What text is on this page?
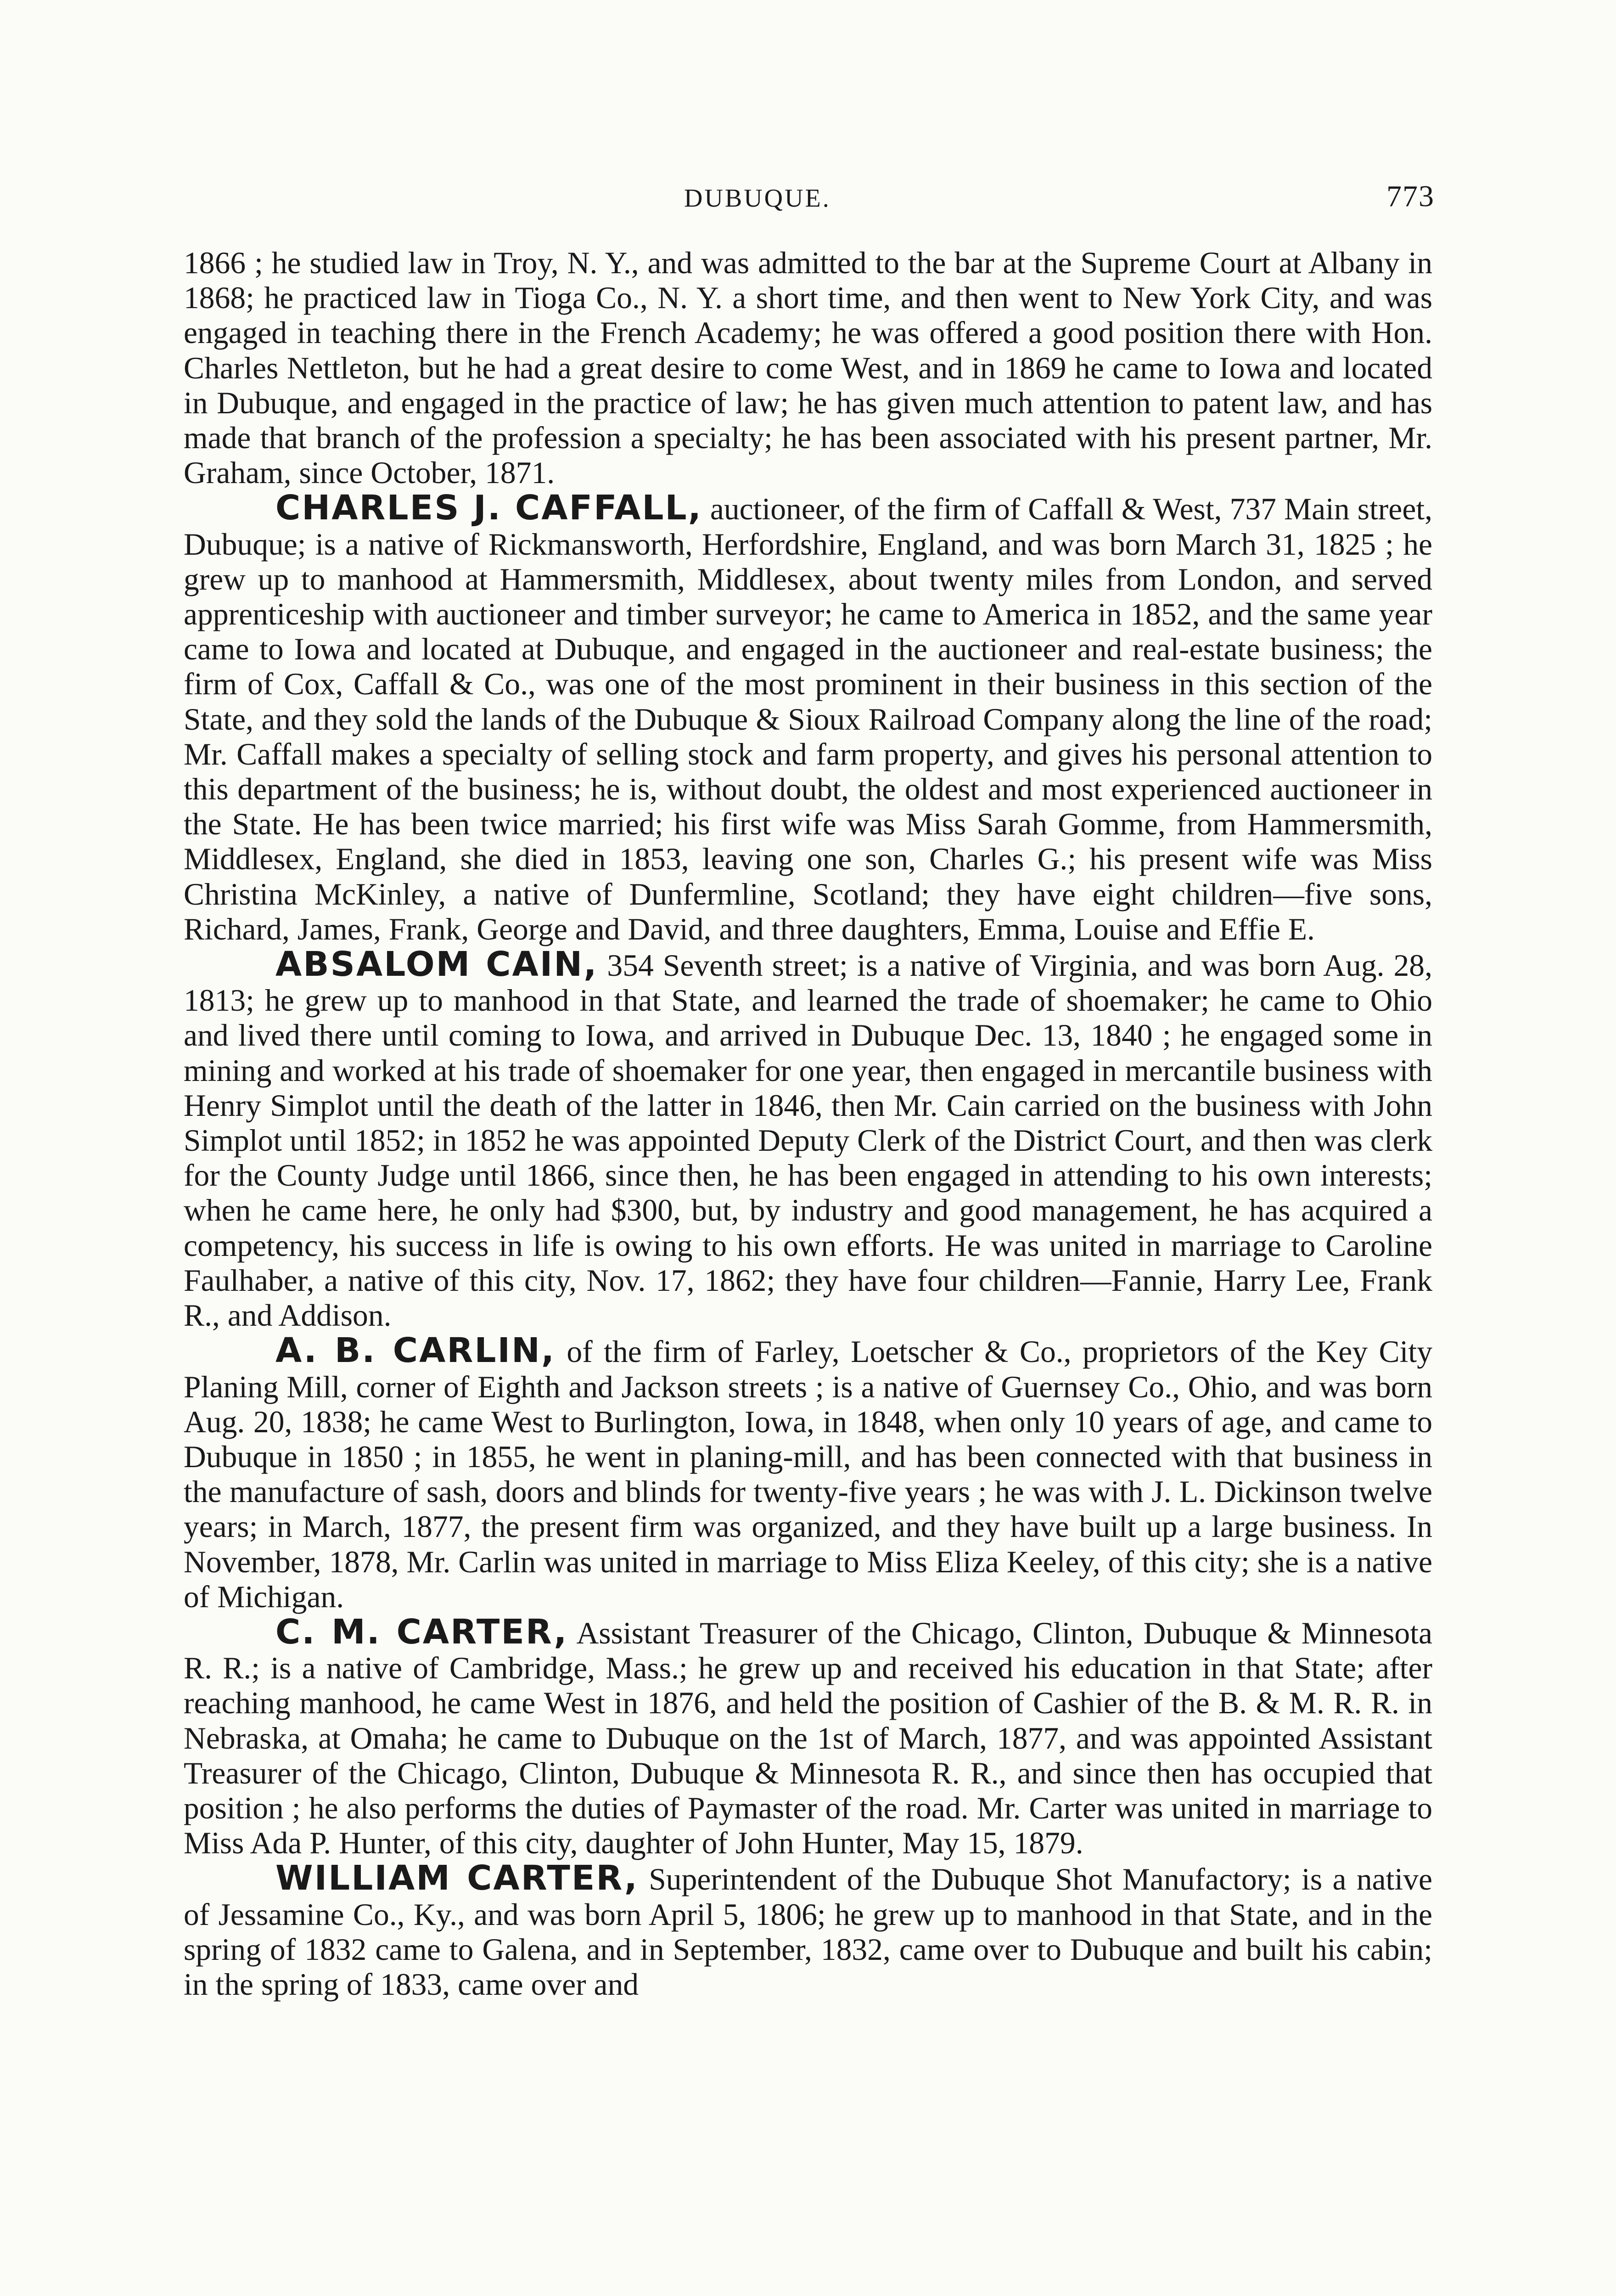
DUBUQUE.	773

1866 ; he studied law in Troy, N. Y., and was admitted to the bar at the Supreme Court at Albany in 1868; he practiced law in Tioga Co., N. Y. a short time, and then went to New York City, and was engaged in teaching there in the French Academy; he was offered a good position there with Hon. Charles Nettleton, but he had a great desire to come West, and in 1869 he came to Iowa and located in Dubuque, and engaged in the practice of law; he has given much attention to patent law, and has made that branch of the profession a specialty; he has been associated with his present partner, Mr. Graham, since October, 1871.

CHARLES J. CAFFALL, auctioneer, of the firm of Caffall & West, 737 Main street, Dubuque; is a native of Rickmansworth, Herfordshire, England, and was born March 31, 1825 ; he grew up to manhood at Hammersmith, Middlesex, about twenty miles from London, and served apprenticeship with auctioneer and timber surveyor; he came to America in 1852, and the same year came to Iowa and located at Dubuque, and engaged in the auctioneer and real-estate business; the firm of Cox, Caffall & Co., was one of the most prominent in their business in this section of the State, and they sold the lands of the Dubuque & Sioux Railroad Company along the line of the road; Mr. Caffall makes a specialty of selling stock and farm property, and gives his personal attention to this department of the business; he is, without doubt, the oldest and most experienced auctioneer in the State. He has been twice married; his first wife was Miss Sarah Gomme, from Hammersmith, Middlesex, England, she died in 1853, leaving one son, Charles G.; his present wife was Miss Christina McKinley, a native of Dunfermline, Scotland; they have eight children—five sons, Richard, James, Frank, George and David, and three daughters, Emma, Louise and Effie E.

ABSALOM CAIN, 354 Seventh street; is a native of Virginia, and was born Aug. 28, 1813; he grew up to manhood in that State, and learned the trade of shoemaker; he came to Ohio and lived there until coming to Iowa, and arrived in Dubuque Dec. 13, 1840 ; he engaged some in mining and worked at his trade of shoemaker for one year, then engaged in mercantile business with Henry Simplot until the death of the latter in 1846, then Mr. Cain carried on the business with John Simplot until 1852; in 1852 he was appointed Deputy Clerk of the District Court, and then was clerk for the County Judge until 1866, since then, he has been engaged in attending to his own interests; when he came here, he only had $300, but, by industry and good management, he has acquired a competency, his success in life is owing to his own efforts. He was united in marriage to Caroline Faulhaber, a native of this city, Nov. 17, 1862; they have four children—Fannie, Harry Lee, Frank R., and Addison.

A. B. CARLIN, of the firm of Farley, Loetscher & Co., proprietors of the Key City Planing Mill, corner of Eighth and Jackson streets ; is a native of Guernsey Co., Ohio, and was born Aug. 20, 1838; he came West to Burlington, Iowa, in 1848, when only 10 years of age, and came to Dubuque in 1850 ; in 1855, he went in planing-mill, and has been connected with that business in the manufacture of sash, doors and blinds for twenty-five years ; he was with J. L. Dickinson twelve years; in March, 1877, the present firm was organized, and they have built up a large business. In November, 1878, Mr. Carlin was united in marriage to Miss Eliza Keeley, of this city; she is a native of Michigan.

C. M. CARTER, Assistant Treasurer of the Chicago, Clinton, Dubuque & Minnesota R. R.; is a native of Cambridge, Mass.; he grew up and received his education in that State; after reaching manhood, he came West in 1876, and held the position of Cashier of the B. & M. R. R. in Nebraska, at Omaha; he came to Dubuque on the 1st of March, 1877, and was appointed Assistant Treasurer of the Chicago, Clinton, Dubuque & Minnesota R. R., and since then has occupied that position ; he also performs the duties of Paymaster of the road. Mr. Carter was united in marriage to Miss Ada P. Hunter, of this city, daughter of John Hunter, May 15, 1879.

WILLIAM CARTER, Superintendent of the Dubuque Shot Manufactory; is a native of Jessamine Co., Ky., and was born April 5, 1806; he grew up to manhood in that State, and in the spring of 1832 came to Galena, and in September, 1832, came over to Dubuque and built his cabin; in the spring of 1833, came over and
